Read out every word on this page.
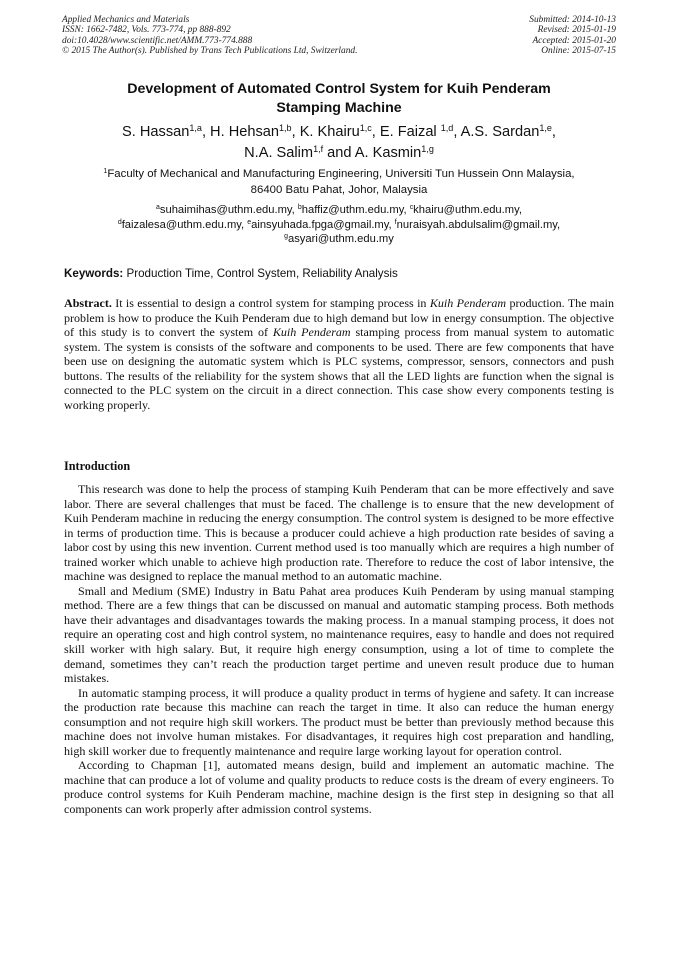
Applied Mechanics and Materials
ISSN: 1662-7482, Vols. 773-774, pp 888-892
doi:10.4028/www.scientific.net/AMM.773-774.888
© 2015 The Author(s). Published by Trans Tech Publications Ltd, Switzerland.
Submitted: 2014-10-13
Revised: 2015-01-19
Accepted: 2015-01-20
Online: 2015-07-15
Development of Automated Control System for Kuih Penderam
Stamping Machine
S. Hassan$^{1,a}$, H. Hehsan$^{1,b}$, K. Khairu$^{1,c}$, E. Faizal $^{1,d}$, A.S. Sardan$^{1,e}$,
N.A. Salim$^{1,f}$ and A. Kasmin$^{1,g}$
$^1$Faculty of Mechanical and Manufacturing Engineering, Universiti Tun Hussein Onn Malaysia,
86400 Batu Pahat, Johor, Malaysia
$^a$suhaimihas@uthm.edu.my, $^b$haffiz@uthm.edu.my, $^c$khairu@uthm.edu.my,
$^d$faizalesa@uthm.edu.my, $^e$ainsyuhada.fpga@gmail.my, $^f$nuraisyah.abdulsalim@gmail.my,
$^g$asyari@uthm.edu.my
Keywords: Production Time, Control System, Reliability Analysis

Abstract. It is essential to design a control system for stamping process in Kuih Penderam production. The main problem is how to produce the Kuih Penderam due to high demand but low in energy consumption. The objective of this study is to convert the system of Kuih Penderam stamping process from manual system to automatic system. The system is consists of the software and components to be used. There are few components that have been use on designing the automatic system which is PLC systems, compressor, sensors, connectors and push buttons. The results of the reliability for the system shows that all the LED lights are function when the signal is connected to the PLC system on the circuit in a direct connection. This case show every components testing is working properly.

Introduction

This research was done to help the process of stamping Kuih Penderam that can be more effectively and save labor. There are several challenges that must be faced. The challenge is to ensure that the new development of Kuih Penderam machine in reducing the energy consumption. The control system is designed to be more effective in terms of production time. This is because a producer could achieve a high production rate besides of saving a labor cost by using this new invention. Current method used is too manually which are requires a high number of trained worker which unable to achieve high production rate. Therefore to reduce the cost of labor intensive, the machine was designed to replace the manual method to an automatic machine.

Small and Medium (SME) Industry in Batu Pahat area produces Kuih Penderam by using manual stamping method. There are a few things that can be discussed on manual and automatic stamping process. Both methods have their advantages and disadvantages towards the making process. In a manual stamping process, it does not require an operating cost and high control system, no maintenance requires, easy to handle and does not required skill worker with high salary. But, it require high energy consumption, using a lot of time to complete the demand, sometimes they can’t reach the production target pertime and uneven result produce due to human mistakes.

In automatic stamping process, it will produce a quality product in terms of hygiene and safety. It can increase the production rate because this machine can reach the target in time. It also can reduce the human energy consumption and not require high skill workers. The product must be better than previously method because this machine does not involve human mistakes. For disadvantages, it requires high cost preparation and handling, high skill worker due to frequently maintenance and require large working layout for operation control.

According to Chapman [1], automated means design, build and implement an automatic machine. The machine that can produce a lot of volume and quality products to reduce costs is the dream of every engineers. To produce control systems for Kuih Penderam machine, machine design is the first step in designing so that all components can work properly after admission control systems.
